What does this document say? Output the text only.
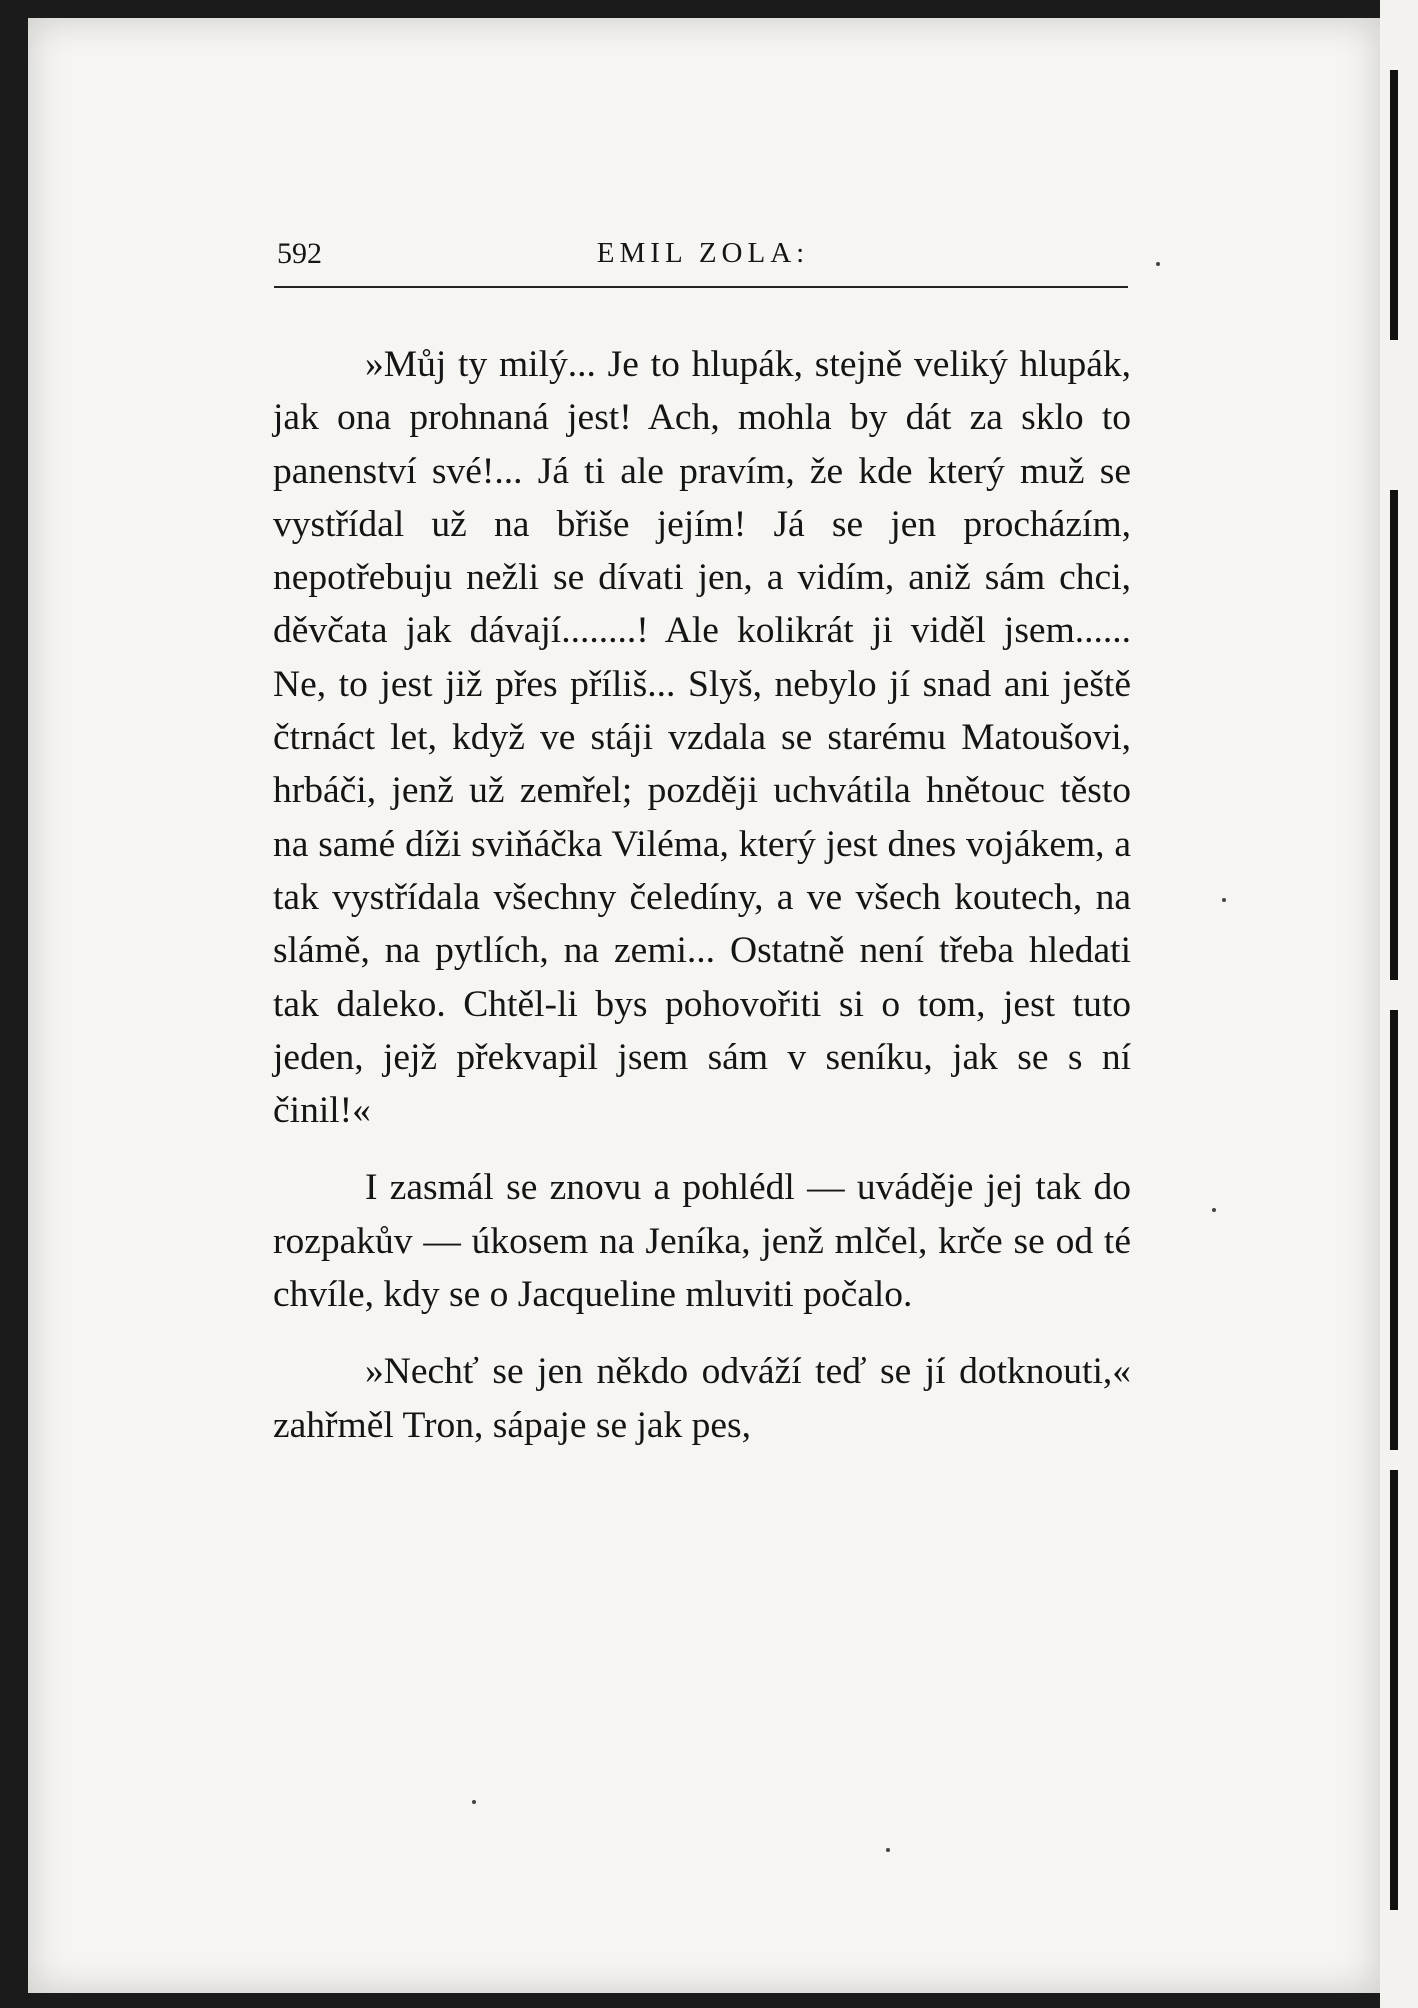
592	EMIL ZOLA:

»Můj ty milý... Je to hlupák, stejně veliký hlupák, jak ona prohnaná jest! Ach, mohla by dát za sklo to panenství své!... Já ti ale pravím, že kde který muž se vystřídal už na břiše jejím! Já se jen procházím, nepotřebuju nežli se dívati jen, a vidím, aniž sám chci, děvčata jak dávají........! Ale kolikrát ji viděl jsem...... Ne, to jest již přes příliš... Slyš, nebylo jí snad ani ještě čtrnáct let, když ve stáji vzdala se starému Matoušovi, hrbáči, jenž už zemřel; později uchvátila hnětouc těsto na samé díži sviňáčka Viléma, který jest dnes vojákem, a tak vystřídala všechny čeledíny, a ve všech koutech, na slámě, na pytlích, na zemi... Ostatně není třeba hledati tak daleko. Chtěl-li bys pohovořiti si o tom, jest tuto jeden, jejž překvapil jsem sám v seníku, jak se s ní činil!«

I zasmál se znovu a pohlédl — uváděje jej tak do rozpakův — úkosem na Jeníka, jenž mlčel, krče se od té chvíle, kdy se o Jacqueline mluviti počalo.

»Nechť se jen někdo odváží teď se jí dotknouti,« zahřměl Tron, sápaje se jak pes,
